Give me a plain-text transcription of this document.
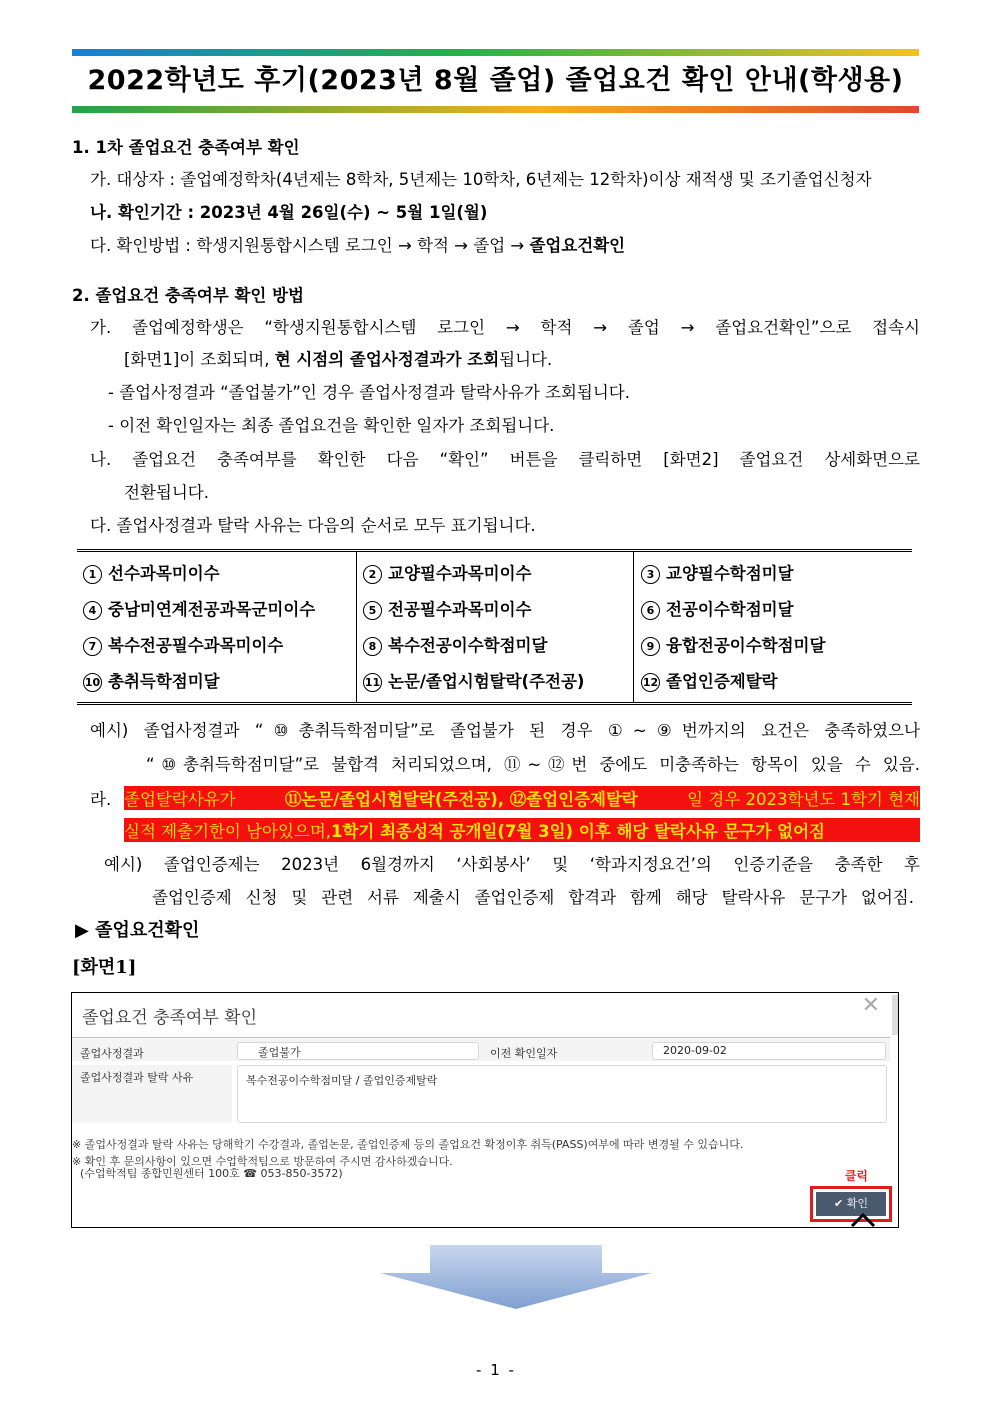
2022학년도 후기(2023년 8월 졸업) 졸업요건 확인 안내(학생용)
1. 1차 졸업요건 충족여부 확인
가. 대상자 : 졸업예정학차(4년제는 8학차, 5년제는 10학차, 6년제는 12학차)이상 재적생 및 조기졸업신청자
나. 확인기간 : 2023년 4월 26일(수) ~ 5월 1일(월)
다. 확인방법 : 학생지원통합시스템 로그인 → 학적 → 졸업 → 졸업요건확인
2. 졸업요건 충족여부 확인 방법
가. 졸업예정학생은 “학생지원통합시스템 로그인 → 학적 → 졸업 → 졸업요건확인”으로 접속시
[화면1]이 조회되며, 현 시점의 졸업사정결과가 조회됩니다.
- 졸업사정결과 “졸업불가”인 경우 졸업사정결과 탈락사유가 조회됩니다.
- 이전 확인일자는 최종 졸업요건을 확인한 일자가 조회됩니다.
나. 졸업요건 충족여부를 확인한 다음 “확인” 버튼을 클릭하면 [화면2] 졸업요건 상세화면으로
전환됩니다.
다. 졸업사정결과 탈락 사유는 다음의 순서로 모두 표기됩니다.
1 선수과목미이수	2 교양필수과목미이수	3 교양필수학점미달
4 중남미연계전공과목군미이수	5 전공필수과목미이수	6 전공이수학점미달
7 복수전공필수과목미이수	8 복수전공이수학점미달	9 융합전공이수학점미달
10 총취득학점미달	11 논문/졸업시험탈락(주전공)	12 졸업인증제탈락
예시) 졸업사정결과 “⑩총취득학점미달”로 졸업불가 된 경우 ①~⑨번까지의 요건은 충족하였으나
“⑩총취득학점미달”로 불합격 처리되었으며, ⑪~⑫번 중에도 미충족하는 항목이 있을 수 있음.
라. 졸업탈락사유가	⑪논문/졸업시험탈락(주전공), ⑫졸업인증제탈락	일 경우 2023학년도 1학기 현재
실적 제출기한이 남아있으며, 1학기 최종성적 공개일(7월 3일) 이후 해당 탈락사유 문구가 없어짐
예시) 졸업인증제는 2023년 6월경까지 ‘사회봉사’ 및 ‘학과지정요건’의 인증기준을 충족한 후
졸업인증제 신청 및 관련 서류 제출시 졸업인증제 합격과 함께 해당 탈락사유 문구가 없어짐.
▶ 졸업요건확인
[화면1]
졸업요건 충족여부 확인	✕
졸업사정결과	졸업불가	이전 확인일자	2020-09-02
졸업사정결과 탈락 사유	복수전공이수학점미달 / 졸업인증제탈락
※ 졸업사정결과 탈락 사유는 당해학기 수강결과, 졸업논문, 졸업인증제 등의 졸업요건 확정이후 취득(PASS)여부에 따라 변경될 수 있습니다.
※ 확인 후 문의사항이 있으면 수업학적팀으로 방문하여 주시면 감사하겠습니다.
(수업학적팀 종합민원센터 100호 ☎ 053-850-3572)	클릭
✔ 확인
- 1 -
